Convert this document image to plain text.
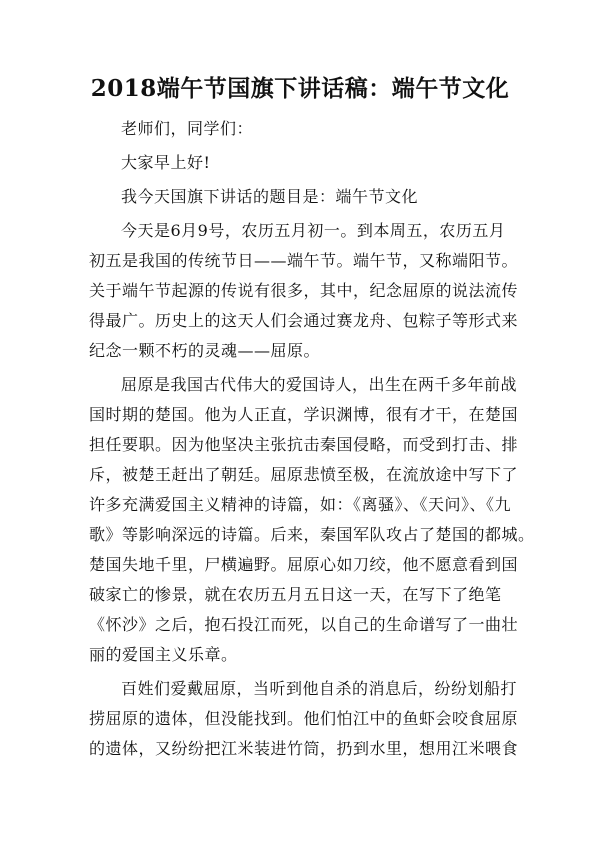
2018端午节国旗下讲话稿：端午节文化
老师们，同学们：
大家早上好!
我今天国旗下讲话的题目是：端午节文化
今天是6月9号，农历五月初一。到本周五，农历五月
初五是我国的传统节日——端午节。端午节，又称端阳节。
关于端午节起源的传说有很多，其中，纪念屈原的说法流传
得最广。历史上的这天人们会通过赛龙舟、包粽子等形式来
纪念一颗不朽的灵魂——屈原。
屈原是我国古代伟大的爱国诗人，出生在两千多年前战
国时期的楚国。他为人正直，学识渊博，很有才干，在楚国
担任要职。因为他坚决主张抗击秦国侵略，而受到打击、排
斥，被楚王赶出了朝廷。屈原悲愤至极，在流放途中写下了
许多充满爱国主义精神的诗篇，如：《离骚》、《天问》、《九
歌》等影响深远的诗篇。后来，秦国军队攻占了楚国的都城。
楚国失地千里，尸横遍野。屈原心如刀绞，他不愿意看到国
破家亡的惨景，就在农历五月五日这一天，在写下了绝笔
《怀沙》之后，抱石投江而死，以自己的生命谱写了一曲壮
丽的爱国主义乐章。
百姓们爱戴屈原，当听到他自杀的消息后，纷纷划船打
捞屈原的遗体，但没能找到。他们怕江中的鱼虾会咬食屈原
的遗体，又纷纷把江米装进竹筒，扔到水里，想用江米喂食
